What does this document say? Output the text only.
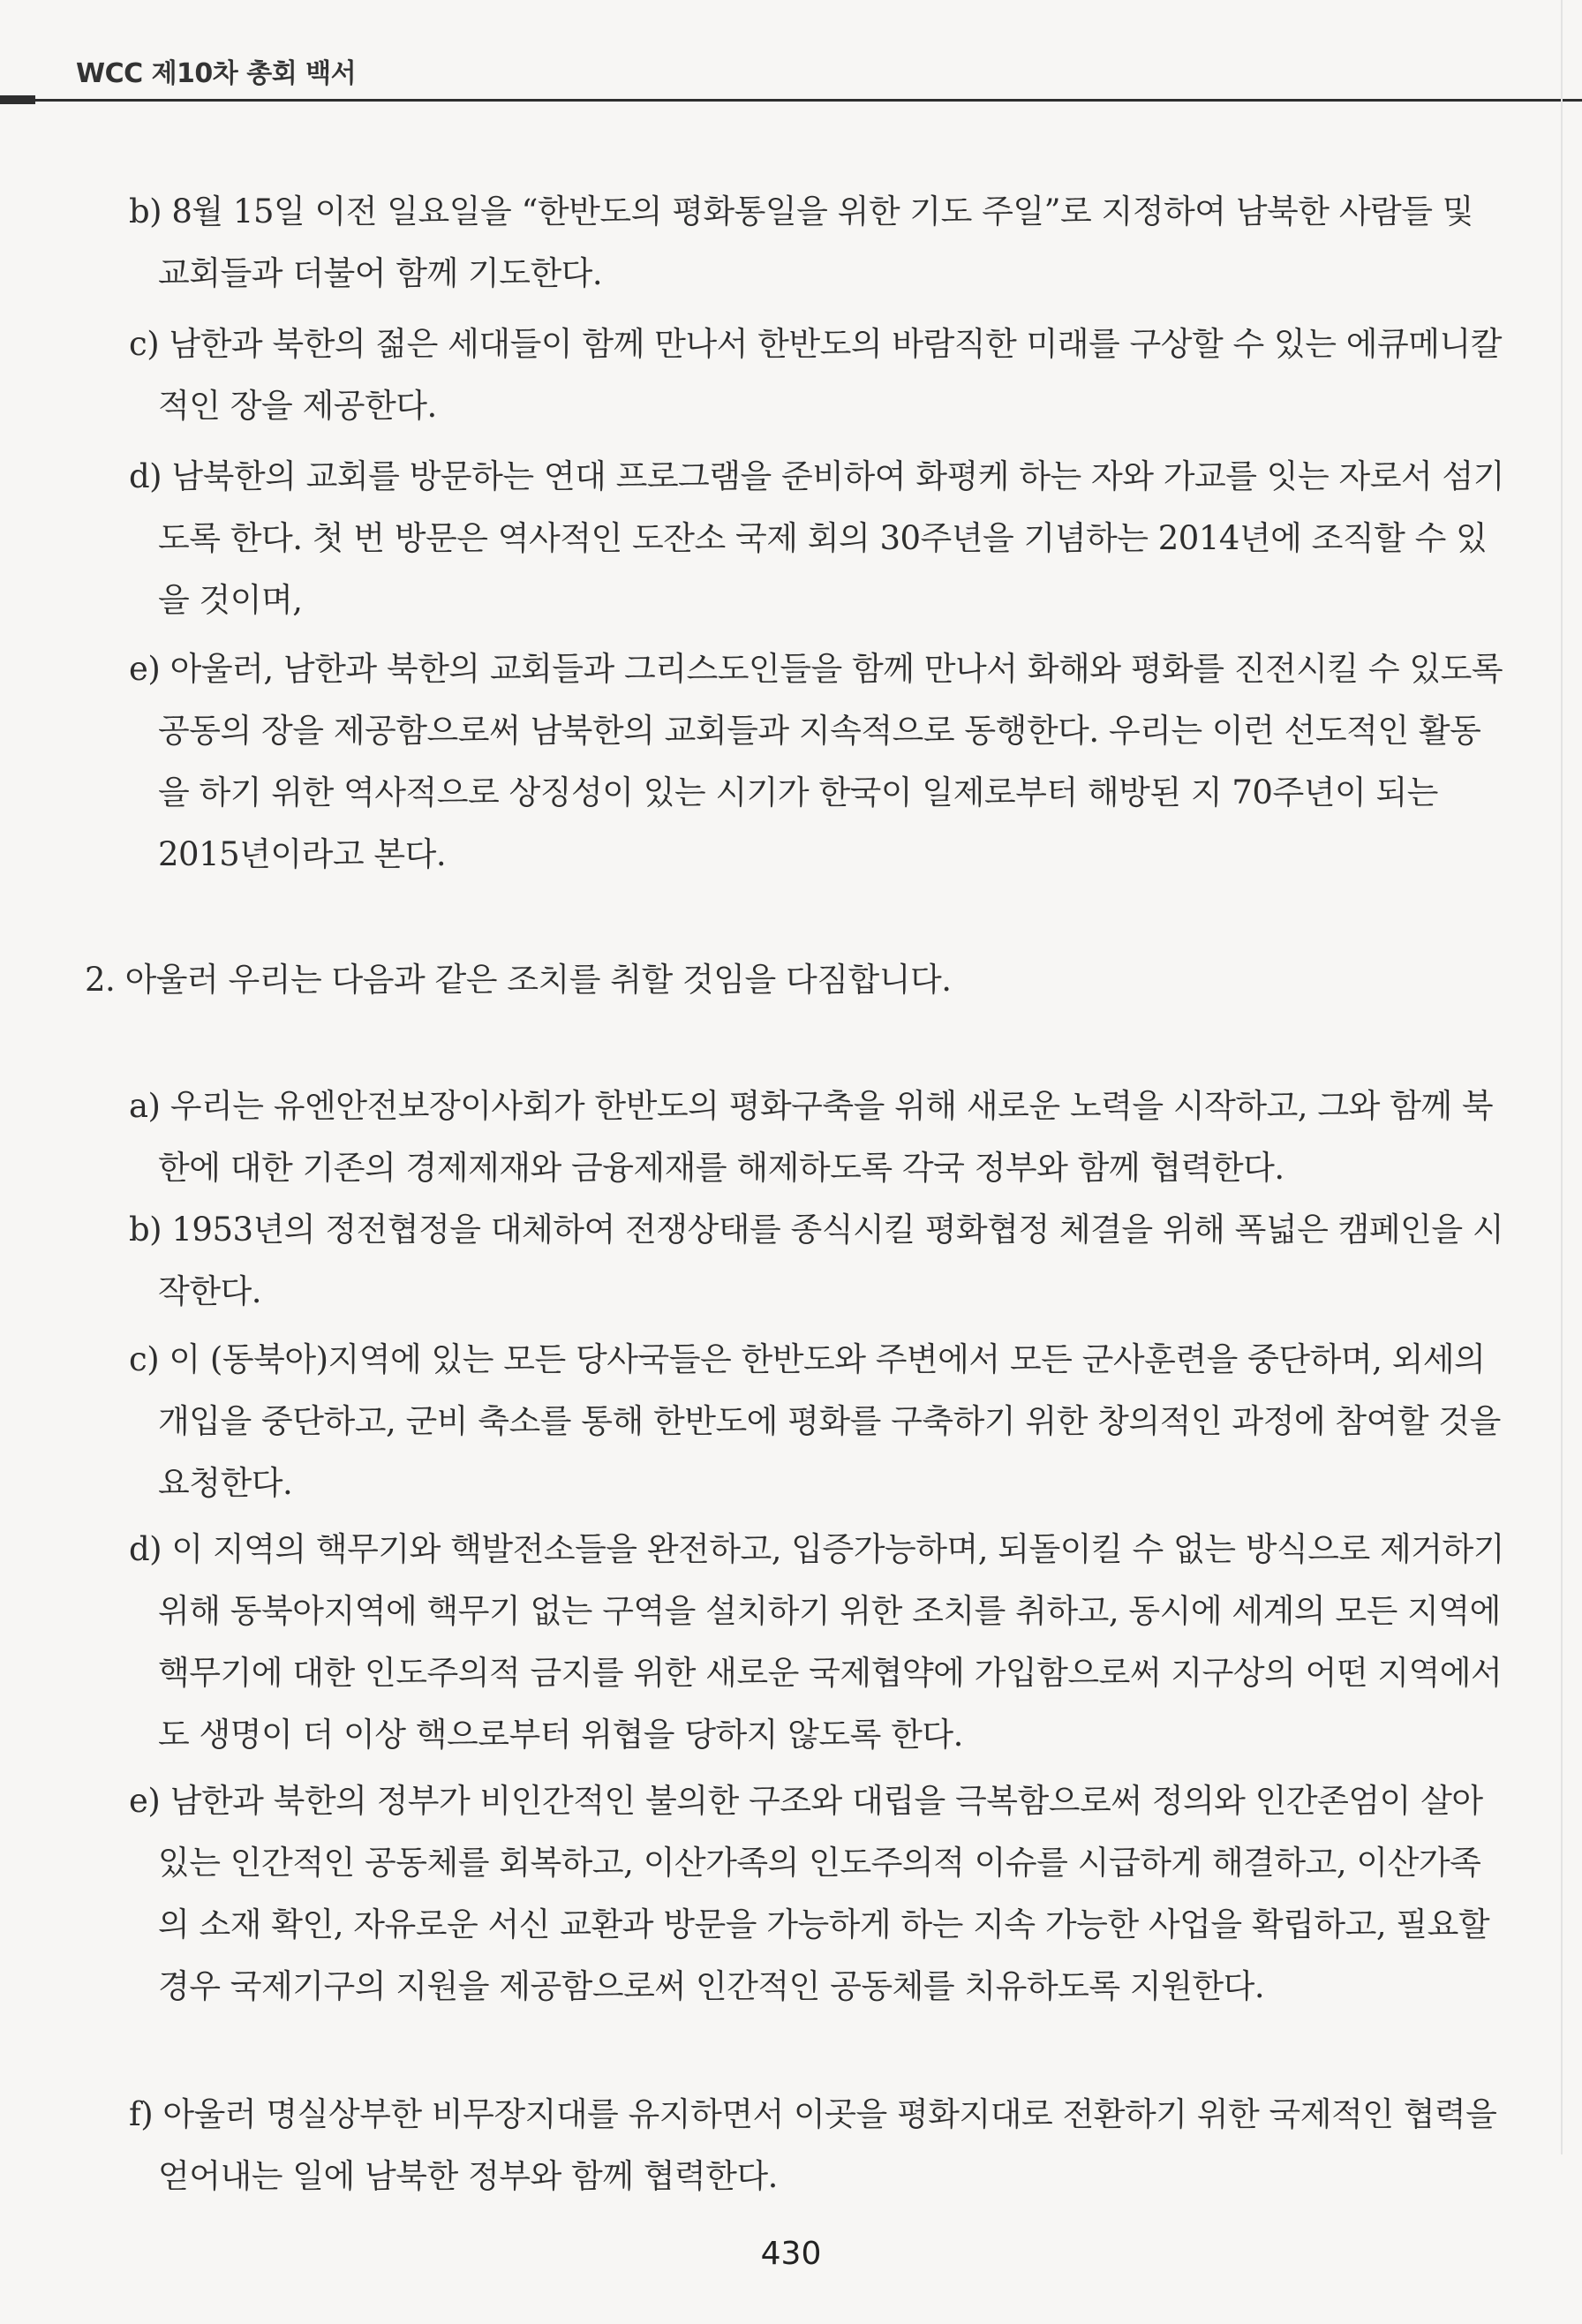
WCC 제10차 총회 백서
b) 8월 15일 이전 일요일을 “한반도의 평화통일을 위한 기도 주일”로 지정하여 남북한 사람들 및 교회들과 더불어 함께 기도한다.
c) 남한과 북한의 젊은 세대들이 함께 만나서 한반도의 바람직한 미래를 구상할 수 있는 에큐메니칼적인 장을 제공한다.
d) 남북한의 교회를 방문하는 연대 프로그램을 준비하여 화평케 하는 자와 가교를 잇는 자로서 섬기도록 한다. 첫 번 방문은 역사적인 도잔소 국제 회의 30주년을 기념하는 2014년에 조직할 수 있을 것이며,
e) 아울러, 남한과 북한의 교회들과 그리스도인들을 함께 만나서 화해와 평화를 진전시킬 수 있도록 공동의 장을 제공함으로써 남북한의 교회들과 지속적으로 동행한다. 우리는 이런 선도적인 활동을 하기 위한 역사적으로 상징성이 있는 시기가 한국이 일제로부터 해방된 지 70주년이 되는 2015년이라고 본다.
2. 아울러 우리는 다음과 같은 조치를 취할 것임을 다짐합니다.
a) 우리는 유엔안전보장이사회가 한반도의 평화구축을 위해 새로운 노력을 시작하고, 그와 함께 북한에 대한 기존의 경제제재와 금융제재를 해제하도록 각국 정부와 함께 협력한다.
b) 1953년의 정전협정을 대체하여 전쟁상태를 종식시킬 평화협정 체결을 위해 폭넓은 캠페인을 시작한다.
c) 이 (동북아)지역에 있는 모든 당사국들은 한반도와 주변에서 모든 군사훈련을 중단하며, 외세의 개입을 중단하고, 군비 축소를 통해 한반도에 평화를 구축하기 위한 창의적인 과정에 참여할 것을 요청한다.
d) 이 지역의 핵무기와 핵발전소들을 완전하고, 입증가능하며, 되돌이킬 수 없는 방식으로 제거하기 위해 동북아지역에 핵무기 없는 구역을 설치하기 위한 조치를 취하고, 동시에 세계의 모든 지역에 핵무기에 대한 인도주의적 금지를 위한 새로운 국제협약에 가입함으로써 지구상의 어떤 지역에서도 생명이 더 이상 핵으로부터 위협을 당하지 않도록 한다.
e) 남한과 북한의 정부가 비인간적인 불의한 구조와 대립을 극복함으로써 정의와 인간존엄이 살아 있는 인간적인 공동체를 회복하고, 이산가족의 인도주의적 이슈를 시급하게 해결하고, 이산가족의 소재 확인, 자유로운 서신 교환과 방문을 가능하게 하는 지속 가능한 사업을 확립하고, 필요할 경우 국제기구의 지원을 제공함으로써 인간적인 공동체를 치유하도록 지원한다.
f) 아울러 명실상부한 비무장지대를 유지하면서 이곳을 평화지대로 전환하기 위한 국제적인 협력을 얻어내는 일에 남북한 정부와 함께 협력한다.
430
